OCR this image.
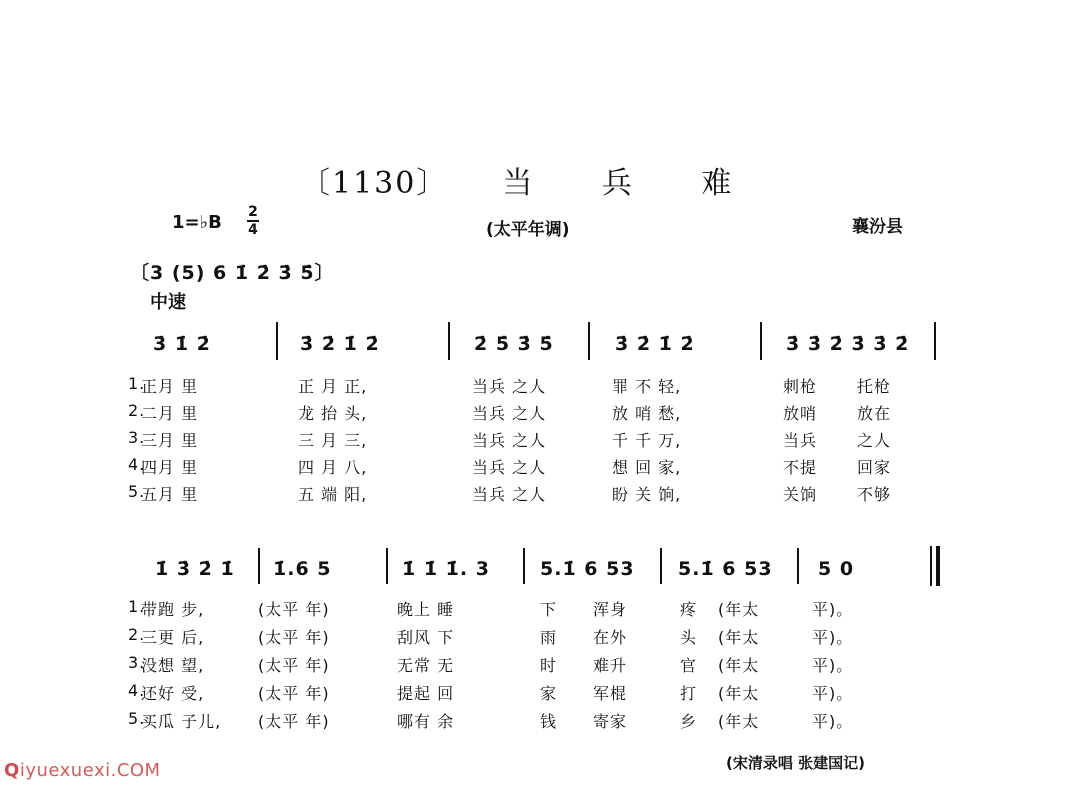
〔1130〕 当 兵 难
1=♭B 2
4	(太平年调)	襄汾县
〔3 (5) 6 1̇ 2̇ 3̇ 5̇〕
中速
3̇ 1̇ 2̇	3̇ 2̇ 1̇ 2̇	2̇ 5̇ 3̇ 5̇	3̇ 2̇ 1̇ 2̇	3̇ 3̇ 2̇ 3̇ 3̇ 2̇
1.
正月 里	正 月 正,	当兵 之人	罪 不 轻,	刺枪 托枪
2.
二月 里	龙 抬 头,	当兵 之人	放 哨 愁,	放哨 放在
3.
三月 里	三 月 三,	当兵 之人	千 千 万,	当兵 之人
4.
四月 里	四 月 八,	当兵 之人	想 回 家,	不提 回家
5.
五月 里	五 端 阳,	当兵 之人	盼 关 饷,	关饷 不够
1̇ 3̇ 2̇ 1̇ 1̇.6 5	1̇ 1̇ 1̇. 3	5.1̇ 6 53 5.1̇ 6 53 5 0
1.
带跑 步,	(太平 年)	晚上 睡	下 浑身	疼 (年太	平)。
2.
三更 后,	(太平 年)	刮风 下	雨 在外	头 (年太	平)。
3.
没想 望,	(太平 年)	无常 无	时 难升	官 (年太	平)。
4.
还好 受,	(太平 年)	提起 回	家 军棍	打 (年太	平)。
5.
买瓜 子儿, (太平 年)	哪有 余	钱 寄家	乡 (年太	平)。
(宋清录唱 张建国记)
Qiyuexuexi.COM
